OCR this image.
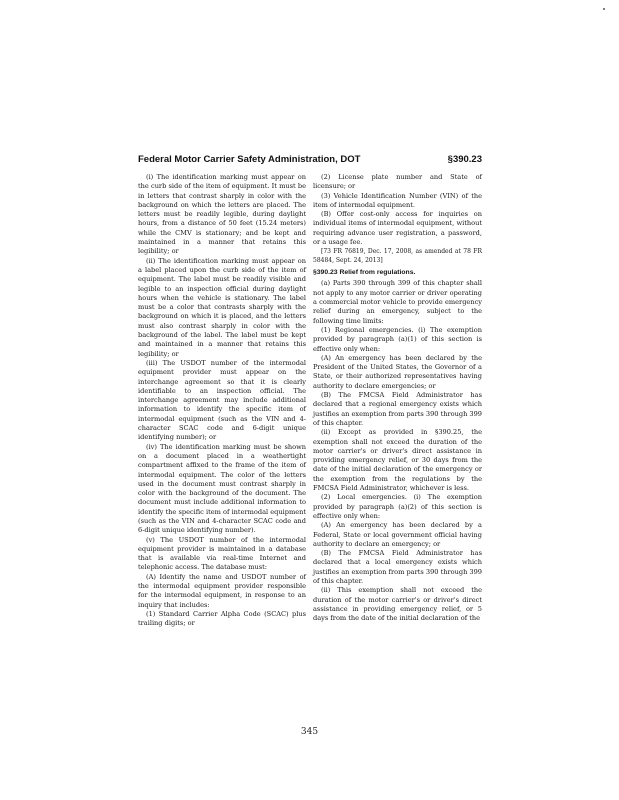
Federal Motor Carrier Safety Administration, DOT	§390.23

(i) The identification marking must appear on the curb side of the item of equipment. It must be in letters that contrast sharply in color with the background on which the letters are placed. The letters must be readily legible, during daylight hours, from a distance of 50 feet (15.24 meters) while the CMV is stationary; and be kept and maintained in a manner that retains this legibility; or

(ii) The identification marking must appear on a label placed upon the curb side of the item of equipment. The label must be readily visible and legible to an inspection official during daylight hours when the vehicle is stationary. The label must be a color that contrasts sharply with the background on which it is placed, and the letters must also contrast sharply in color with the background of the label. The label must be kept and maintained in a manner that retains this legibility; or

(iii) The USDOT number of the intermodal equipment provider must appear on the interchange agreement so that it is clearly identifiable to an inspection official. The interchange agreement may include additional information to identify the specific item of intermodal equipment (such as the VIN and 4-character SCAC code and 6-digit unique identifying number); or

(iv) The identification marking must be shown on a document placed in a weathertight compartment affixed to the frame of the item of intermodal equipment. The color of the letters used in the document must contrast sharply in color with the background of the document. The document must include additional information to identify the specific item of intermodal equipment (such as the VIN and 4-character SCAC code and 6-digit unique identifying number).

(v) The USDOT number of the intermodal equipment provider is maintained in a database that is available via real-time Internet and telephonic access. The database must:

(A) Identify the name and USDOT number of the intermodal equipment provider responsible for the intermodal equipment, in response to an inquiry that includes:

(1) Standard Carrier Alpha Code (SCAC) plus trailing digits; or

(2) License plate number and State of licensure; or

(3) Vehicle Identification Number (VIN) of the item of intermodal equipment.

(B) Offer cost-only access for inquiries on individual items of intermodal equipment, without requiring advance user registration, a password, or a usage fee.

[73 FR 76819, Dec. 17, 2008, as amended at 78 FR 58484, Sept. 24, 2013]

§390.23 Relief from regulations.

(a) Parts 390 through 399 of this chapter shall not apply to any motor carrier or driver operating a commercial motor vehicle to provide emergency relief during an emergency, subject to the following time limits:

(1) Regional emergencies. (i) The exemption provided by paragraph (a)(1) of this section is effective only when:

(A) An emergency has been declared by the President of the United States, the Governor of a State, or their authorized representatives having authority to declare emergencies; or

(B) The FMCSA Field Administrator has declared that a regional emergency exists which justifies an exemption from parts 390 through 399 of this chapter.

(ii) Except as provided in §390.25, the exemption shall not exceed the duration of the motor carrier's or driver's direct assistance in providing emergency relief, or 30 days from the date of the initial declaration of the emergency or the exemption from the regulations by the FMCSA Field Administrator, whichever is less.

(2) Local emergencies. (i) The exemption provided by paragraph (a)(2) of this section is effective only when:

(A) An emergency has been declared by a Federal, State or local government official having authority to declare an emergency; or

(B) The FMCSA Field Administrator has declared that a local emergency exists which justifies an exemption from parts 390 through 399 of this chapter.

(ii) This exemption shall not exceed the duration of the motor carrier's or driver's direct assistance in providing emergency relief, or 5 days from the date of the initial declaration of the

345
